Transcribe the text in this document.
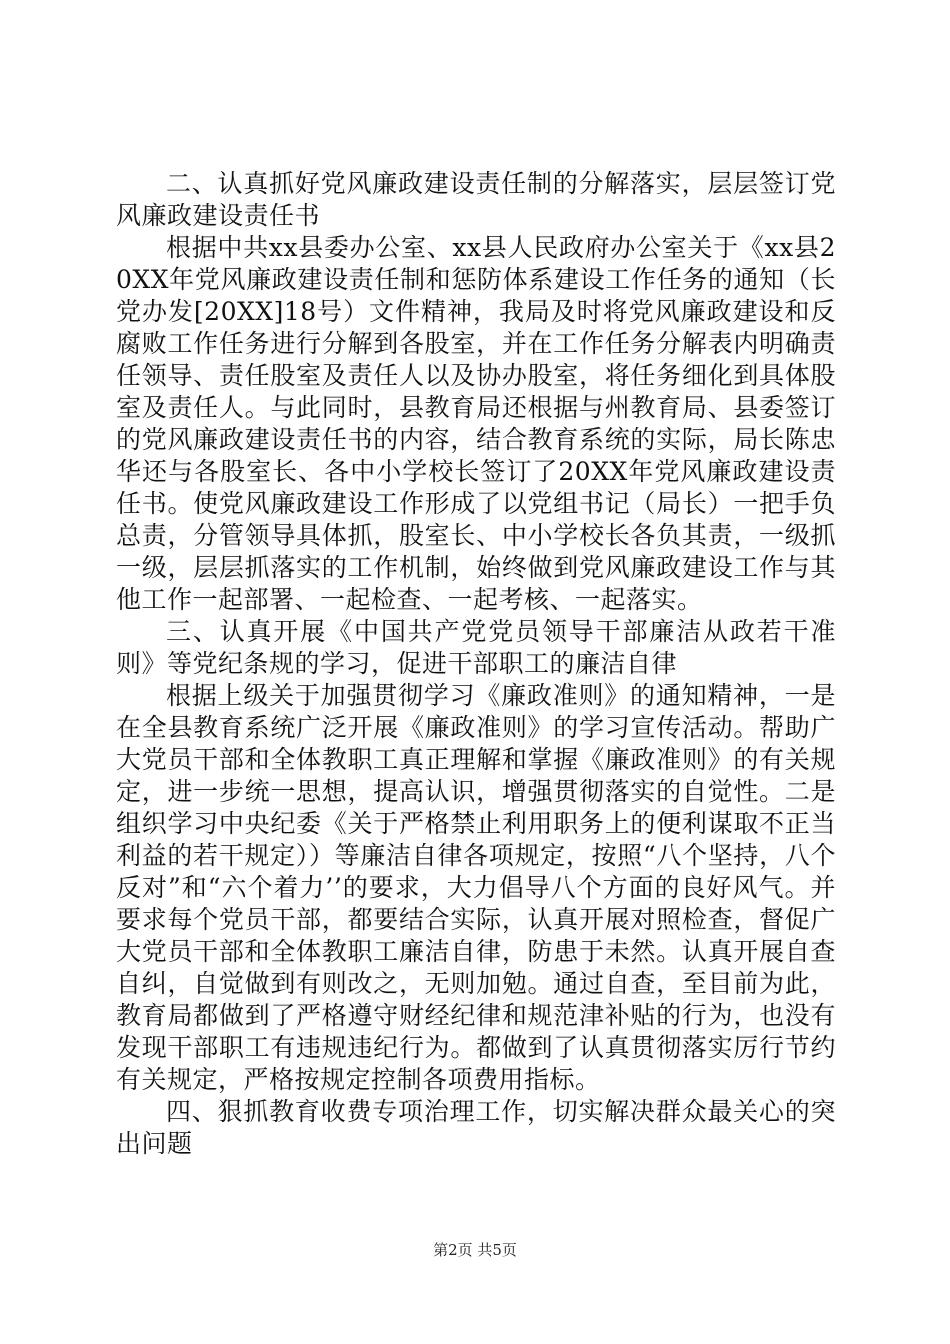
二、认真抓好党风廉政建设责任制的分解落实，层层签订党风廉政建设责任书

根据中共xx县委办公室、xx县人民政府办公室关于《xx县20XX年党风廉政建设责任制和惩防体系建设工作任务的通知（长党办发[20XX]18号）文件精神，我局及时将党风廉政建设和反腐败工作任务进行分解到各股室，并在工作任务分解表内明确责任领导、责任股室及责任人以及协办股室，将任务细化到具体股室及责任人。与此同时，县教育局还根据与州教育局、县委签订的党风廉政建设责任书的内容，结合教育系统的实际，局长陈忠华还与各股室长、各中小学校长签订了20XX年党风廉政建设责任书。使党风廉政建设工作形成了以党组书记（局长）一把手负总责，分管领导具体抓，股室长、中小学校长各负其责，一级抓一级，层层抓落实的工作机制，始终做到党风廉政建设工作与其他工作一起部署、一起检查、一起考核、一起落实。

三、认真开展《中国共产党党员领导干部廉洁从政若干准则》等党纪条规的学习，促进干部职工的廉洁自律

根据上级关于加强贯彻学习《廉政准则》的通知精神，一是在全县教育系统广泛开展《廉政准则》的学习宣传活动。帮助广大党员干部和全体教职工真正理解和掌握《廉政准则》的有关规定，进一步统一思想，提高认识，增强贯彻落实的自觉性。二是组织学习中央纪委《关于严格禁止利用职务上的便利谋取不正当利益的若干规定））等廉洁自律各项规定，按照“八个坚持，八个反对”和“六个着力’’的要求，大力倡导八个方面的良好风气。并要求每个党员干部，都要结合实际，认真开展对照检查，督促广大党员干部和全体教职工廉洁自律，防患于未然。认真开展自查自纠，自觉做到有则改之，无则加勉。通过自查，至目前为此，教育局都做到了严格遵守财经纪律和规范津补贴的行为，也没有发现干部职工有违规违纪行为。都做到了认真贯彻落实厉行节约有关规定，严格按规定控制各项费用指标。

四、狠抓教育收费专项治理工作，切实解决群众最关心的突出问题

第2页 共5页
